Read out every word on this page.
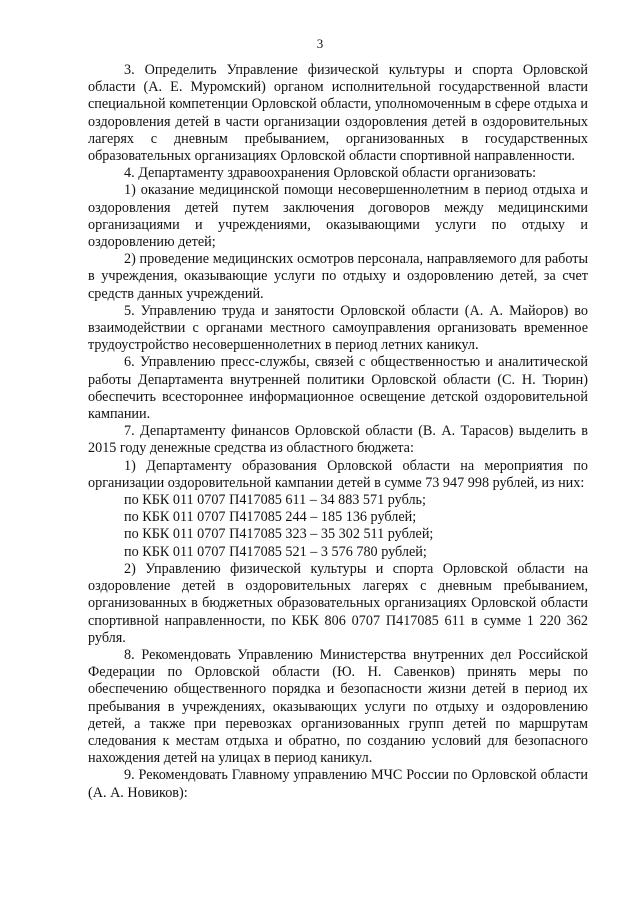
3

3. Определить Управление физической культуры и спорта Орловской области (А. Е. Муромский) органом исполнительной государственной власти специальной компетенции Орловской области, уполномоченным в сфере отдыха и оздоровления детей в части организации оздоровления детей в оздоровительных лагерях с дневным пребыванием, организованных в государственных образовательных организациях Орловской области спортивной направленности.

4. Департаменту здравоохранения Орловской области организовать:

1) оказание медицинской помощи несовершеннолетним в период отдыха и оздоровления детей путем заключения договоров между медицинскими организациями и учреждениями, оказывающими услуги по отдыху и оздоровлению детей;

2) проведение медицинских осмотров персонала, направляемого для работы в учреждения, оказывающие услуги по отдыху и оздоровлению детей, за счет средств данных учреждений.

5. Управлению труда и занятости Орловской области (А. А. Майоров) во взаимодействии с органами местного самоуправления организовать временное трудоустройство несовершеннолетних в период летних каникул.

6. Управлению пресс-службы, связей с общественностью и аналитической работы Департамента внутренней политики Орловской области (С. Н. Тюрин) обеспечить всестороннее информационное освещение детской оздоровительной кампании.

7. Департаменту финансов Орловской области (В. А. Тарасов) выделить в 2015 году денежные средства из областного бюджета:

1) Департаменту образования Орловской области на мероприятия по организации оздоровительной кампании детей в сумме 73 947 998 рублей, из них:

по КБК 011 0707 П417085 611 – 34 883 571 рубль;

по КБК 011 0707 П417085 244 – 185 136 рублей;

по КБК 011 0707 П417085 323 – 35 302 511 рублей;

по КБК 011 0707 П417085 521 – 3 576 780 рублей;

2) Управлению физической культуры и спорта Орловской области на оздоровление детей в оздоровительных лагерях с дневным пребыванием, организованных в бюджетных образовательных организациях Орловской области спортивной направленности, по КБК 806 0707 П417085 611 в сумме 1 220 362 рубля.

8. Рекомендовать Управлению Министерства внутренних дел Российской Федерации по Орловской области (Ю. Н. Савенков) принять меры по обеспечению общественного порядка и безопасности жизни детей в период их пребывания в учреждениях, оказывающих услуги по отдыху и оздоровлению детей, а также при перевозках организованных групп детей по маршрутам следования к местам отдыха и обратно, по созданию условий для безопасного нахождения детей на улицах в период каникул.

9. Рекомендовать Главному управлению МЧС России по Орловской области (А. А. Новиков):
